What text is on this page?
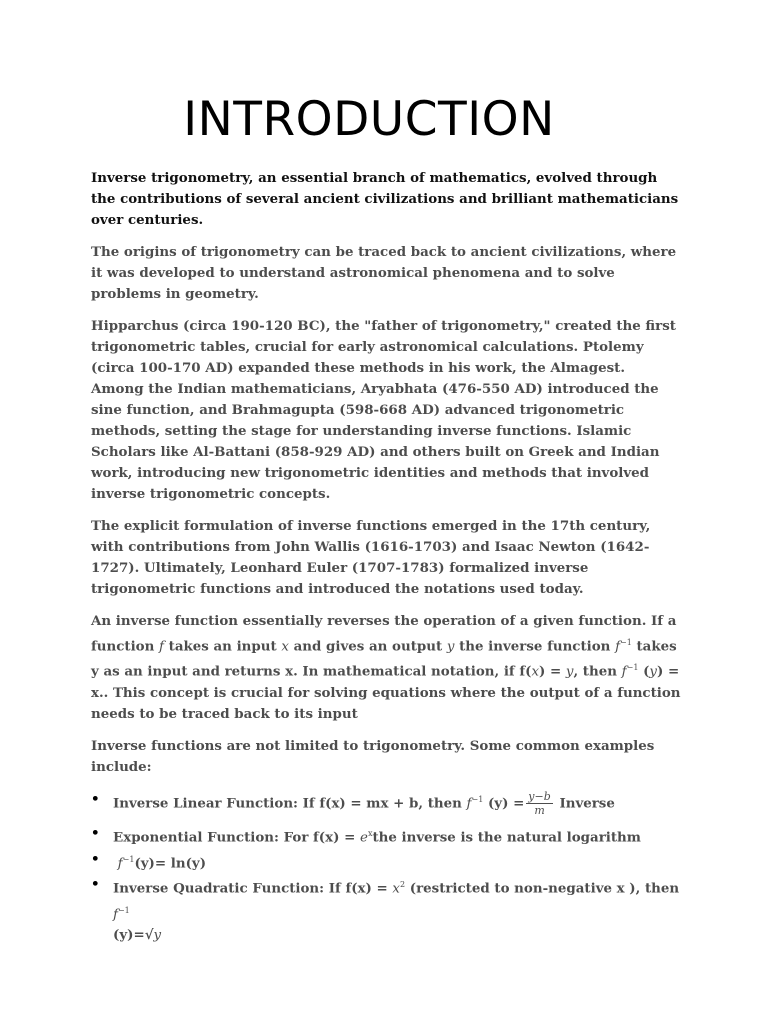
INTRODUCTION

Inverse trigonometry, an essential branch of mathematics, evolved through the contributions of several ancient civilizations and brilliant mathematicians over centuries.

The origins of trigonometry can be traced back to ancient civilizations, where it was developed to understand astronomical phenomena and to solve problems in geometry.

Hipparchus (circa 190-120 BC), the "father of trigonometry," created the first trigonometric tables, crucial for early astronomical calculations. Ptolemy (circa 100-170 AD) expanded these methods in his work, the Almagest. Among the Indian mathematicians, Aryabhata (476-550 AD) introduced the sine function, and Brahmagupta (598-668 AD) advanced trigonometric methods, setting the stage for understanding inverse functions. Islamic Scholars like Al-Battani (858-929 AD) and others built on Greek and Indian work, introducing new trigonometric identities and methods that involved inverse trigonometric concepts.

The explicit formulation of inverse functions emerged in the 17th century, with contributions from John Wallis (1616-1703) and Isaac Newton (1642-1727). Ultimately, Leonhard Euler (1707-1783) formalized inverse trigonometric functions and introduced the notations used today.

An inverse function essentially reverses the operation of a given function. If a function f takes an input x and gives an output y the inverse function $f^{-1}$ takes y as an input and returns x. In mathematical notation, if f(x) = y, then $f^{-1}$ (y) = x.. This concept is crucial for solving equations where the output of a function needs to be traced back to its input

Inverse functions are not limited to trigonometry. Some common examples include:

• Inverse Linear Function: If f(x) = mx + b, then $f^{-1}$ $(y) = \frac{y-b}{m}$ Inverse
• Exponential Function: For $f(x) = e^xthe$ inverse is the natural logarithm
• $f^{-1}(y)= \ln(y)$
• Inverse Quadratic Function: If $f(x) = x^2$ (restricted to non-negative x ), then $f^{-1}$
(y)=√y
